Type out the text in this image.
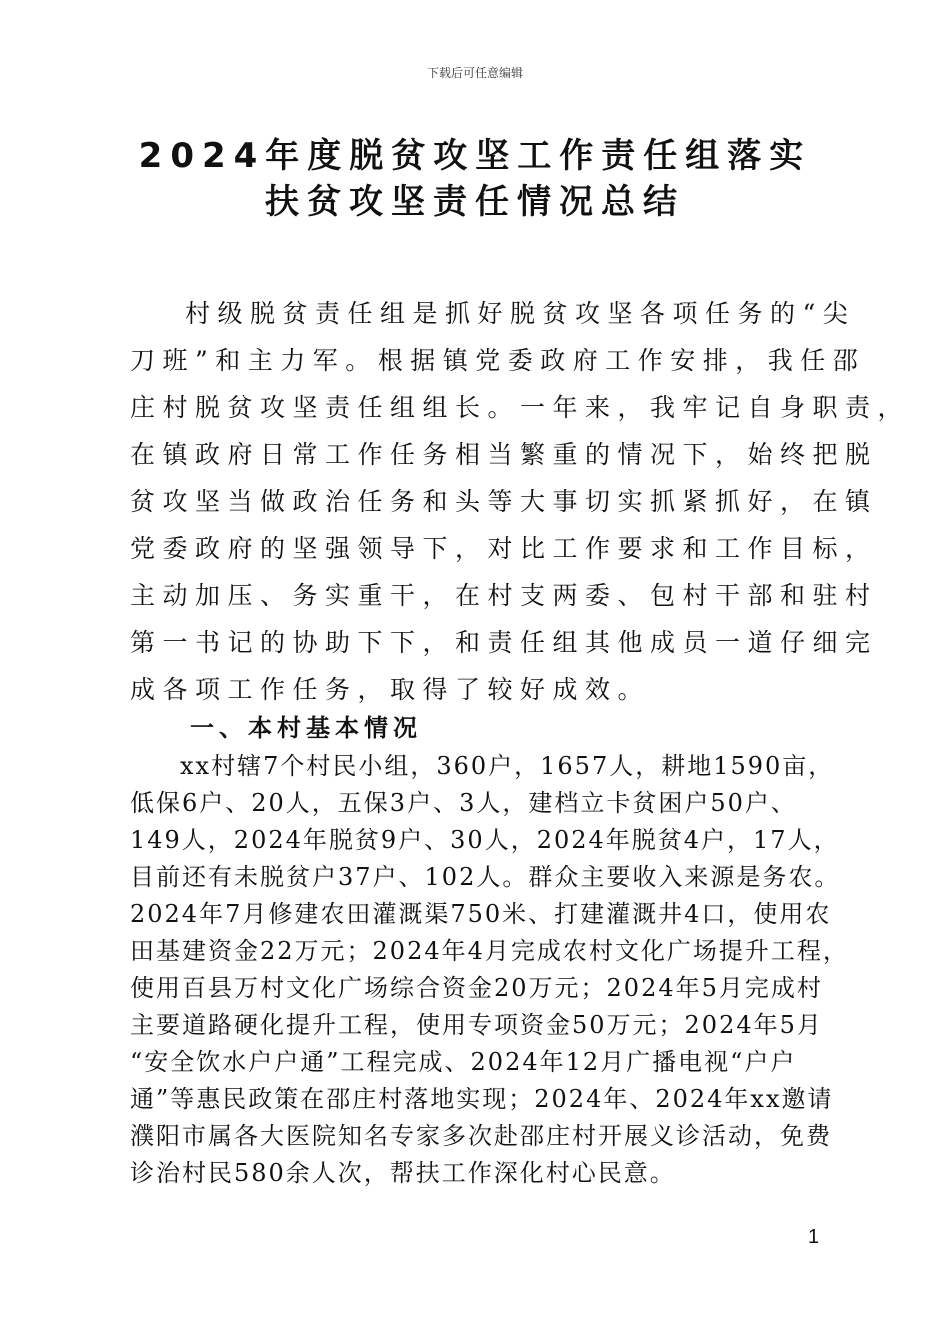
下载后可任意编辑
2024年度脱贫攻坚工作责任组落实
扶贫攻坚责任情况总结
村级脱贫责任组是抓好脱贫攻坚各项任务的“尖
刀班”和主力军。根据镇党委政府工作安排，我任邵
庄村脱贫攻坚责任组组长。一年来，我牢记自身职责，
在镇政府日常工作任务相当繁重的情况下，始终把脱
贫攻坚当做政治任务和头等大事切实抓紧抓好，在镇
党委政府的坚强领导下，对比工作要求和工作目标，
主动加压、务实重干，在村支两委、包村干部和驻村
第一书记的协助下下，和责任组其他成员一道仔细完
成各项工作任务，取得了较好成效。
一、本村基本情况
xx村辖7个村民小组，360户，1657人，耕地1590亩，
低保6户、20人，五保3户、3人，建档立卡贫困户50户、
149人，2024年脱贫9户、30人，2024年脱贫4户，17人，
目前还有未脱贫户37户、102人。群众主要收入来源是务农。
2024年7月修建农田灌溉渠750米、打建灌溉井4口，使用农
田基建资金22万元；2024年4月完成农村文化广场提升工程，
使用百县万村文化广场综合资金20万元；2024年5月完成村
主要道路硬化提升工程，使用专项资金50万元；2024年5月
“安全饮水户户通”工程完成、2024年12月广播电视“户户
通”等惠民政策在邵庄村落地实现；2024年、2024年xx邀请
濮阳市属各大医院知名专家多次赴邵庄村开展义诊活动，免费
诊治村民580余人次，帮扶工作深化村心民意。
1
